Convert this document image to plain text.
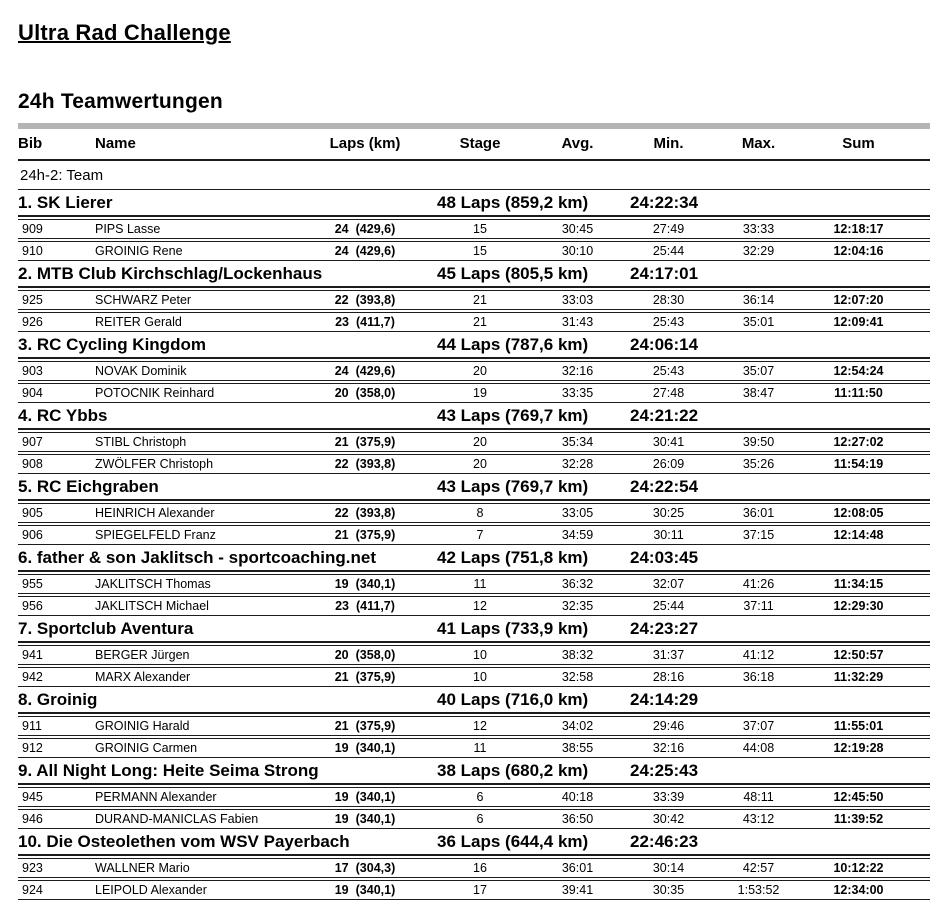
Ultra Rad Challenge
24h Teamwertungen
Bib	Name	Laps (km)	Stage	Avg.	Min.	Max.	Sum
24h-2: Team
1. SK Lierer	48 Laps (859,2 km) 24:22:34
909	PIPS Lasse	24 (429,6)	15	30:45	27:49	33:33	12:18:17
910	GROINIG Rene	24 (429,6)	15	30:10	25:44	32:29	12:04:16
2. MTB Club Kirchschlag/Lockenhaus	45 Laps (805,5 km) 24:17:01
925	SCHWARZ Peter	22 (393,8)	21	33:03	28:30	36:14	12:07:20
926	REITER Gerald	23 (411,7)	21	31:43	25:43	35:01	12:09:41
3. RC Cycling Kingdom	44 Laps (787,6 km) 24:06:14
903	NOVAK Dominik	24 (429,6)	20	32:16	25:43	35:07	12:54:24
904	POTOCNIK Reinhard	20 (358,0)	19	33:35	27:48	38:47	11:11:50
4. RC Ybbs	43 Laps (769,7 km) 24:21:22
907	STIBL Christoph	21 (375,9)	20	35:34	30:41	39:50	12:27:02
908	ZWÖLFER Christoph	22 (393,8)	20	32:28	26:09	35:26	11:54:19
5. RC Eichgraben	43 Laps (769,7 km) 24:22:54
905	HEINRICH Alexander	22 (393,8)	8	33:05	30:25	36:01	12:08:05
906	SPIEGELFELD Franz	21 (375,9)	7	34:59	30:11	37:15	12:14:48
6. father & son Jaklitsch - sportcoaching.net	42 Laps (751,8 km) 24:03:45
955	JAKLITSCH Thomas	19 (340,1)	11	36:32	32:07	41:26	11:34:15
956	JAKLITSCH Michael	23 (411,7)	12	32:35	25:44	37:11	12:29:30
7. Sportclub Aventura	41 Laps (733,9 km) 24:23:27
941	BERGER Jürgen	20 (358,0)	10	38:32	31:37	41:12	12:50:57
942	MARX Alexander	21 (375,9)	10	32:58	28:16	36:18	11:32:29
8. Groinig	40 Laps (716,0 km) 24:14:29
911	GROINIG Harald	21 (375,9)	12	34:02	29:46	37:07	11:55:01
912	GROINIG Carmen	19 (340,1)	11	38:55	32:16	44:08	12:19:28
9. All Night Long: Heite Seima Strong	38 Laps (680,2 km) 24:25:43
945	PERMANN Alexander	19 (340,1)	6	40:18	33:39	48:11	12:45:50
946	DURAND-MANICLAS Fabien	19 (340,1)	6	36:50	30:42	43:12	11:39:52
10. Die Osteolethen vom WSV Payerbach	36 Laps (644,4 km) 22:46:23
923	WALLNER Mario	17 (304,3)	16	36:01	30:14	42:57	10:12:22
924	LEIPOLD Alexander	19 (340,1)	17	39:41	30:35	1:53:52	12:34:00
